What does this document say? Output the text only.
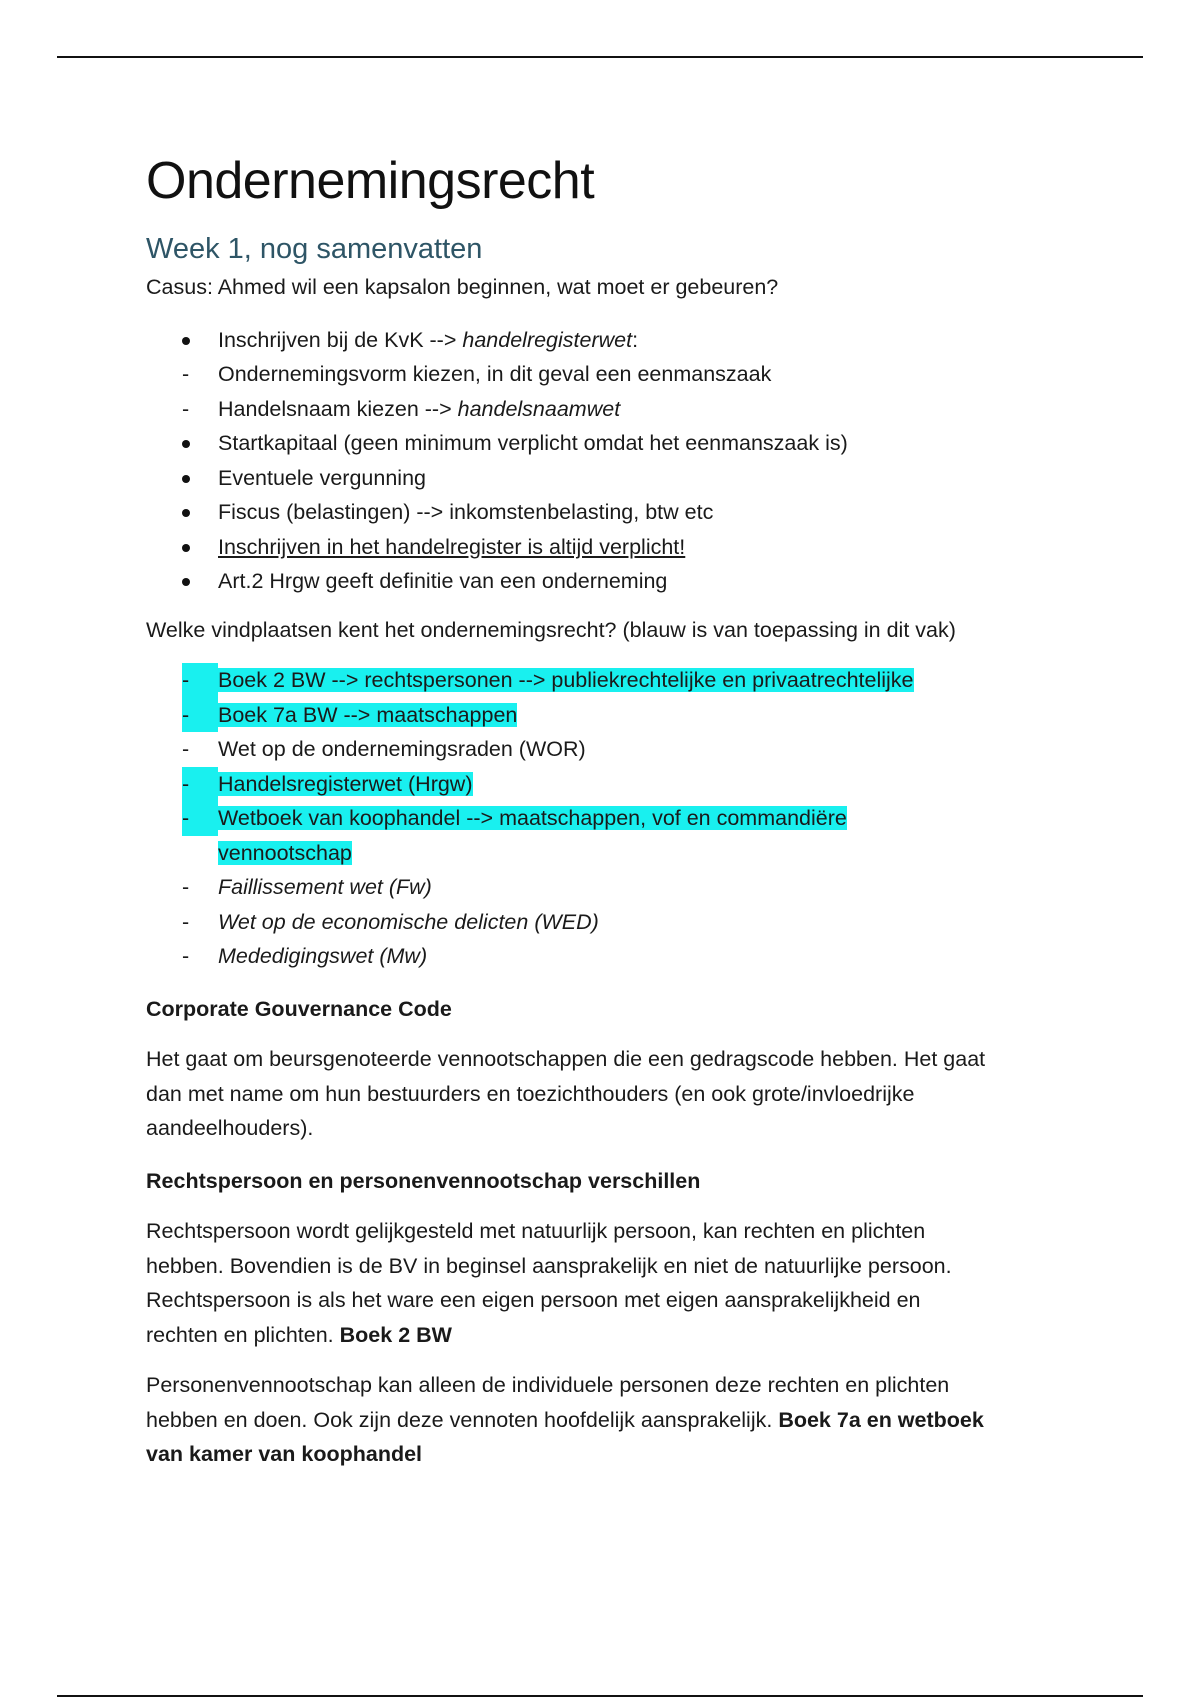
Ondernemingsrecht
Week 1, nog samenvatten

Casus: Ahmed wil een kapsalon beginnen, wat moet er gebeuren?

Inschrijven bij de KvK --> handelregisterwet:
Ondernemingsvorm kiezen, in dit geval een eenmanszaak
Handelsnaam kiezen --> handelsnaamwet
Startkapitaal (geen minimum verplicht omdat het eenmanszaak is)
Eventuele vergunning
Fiscus (belastingen) --> inkomstenbelasting, btw etc
Inschrijven in het handelregister is altijd verplicht!
Art.2 Hrgw geeft definitie van een onderneming

Welke vindplaatsen kent het ondernemingsrecht? (blauw is van toepassing in dit vak)

-
Boek 2 BW --> rechtspersonen --> publiekrechtelijke en privaatrechtelijke
-
Boek 7a BW --> maatschappen
Wet op de ondernemingsraden (WOR)
-
Handelsregisterwet (Hrgw)
-
Wetboek van koophandel --> maatschappen, vof en commandiëre
vennootschap
Faillissement wet (Fw)
Wet op de economische delicten (WED)
Mededigingswet (Mw)
Corporate Gouvernance Code
Het gaat om beursgenoteerde vennootschappen die een gedragscode hebben. Het gaat
dan met name om hun bestuurders en toezichthouders (en ook grote/invloedrijke
aandeelhouders).
Rechtspersoon en personenvennootschap verschillen
Rechtspersoon wordt gelijkgesteld met natuurlijk persoon, kan rechten en plichten
hebben. Bovendien is de BV in beginsel aansprakelijk en niet de natuurlijke persoon.
Rechtspersoon is als het ware een eigen persoon met eigen aansprakelijkheid en
rechten en plichten. Boek 2 BW
Personenvennootschap kan alleen de individuele personen deze rechten en plichten
hebben en doen. Ook zijn deze vennoten hoofdelijk aansprakelijk. Boek 7a en wetboek
van kamer van koophandel
